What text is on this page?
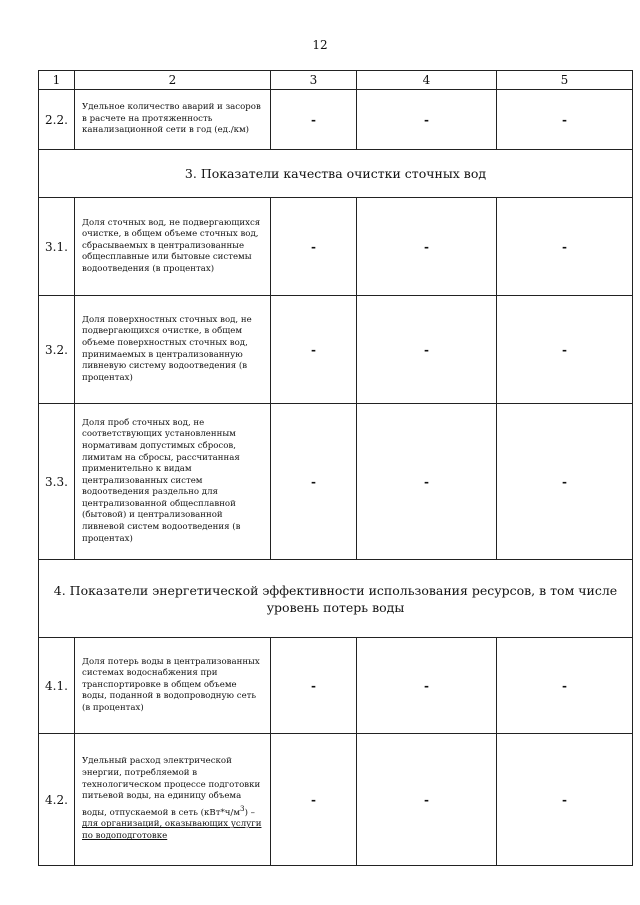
12
1	2	3	4	5
2.2.	Удельное количество аварий и засоров в расчете на протяженность канализационной сети в год (ед./км)	-	-	-
3. Показатели качества очистки сточных вод				
3.1.	Доля сточных вод, не подвергающихся очистке, в общем объеме сточных вод, сбрасываемых в централизованные общесплавные или бытовые системы водоотведения (в процентах)	-	-	-
3.2.	Доля поверхностных сточных вод, не подвергающихся очистке, в общем объеме поверхностных сточных вод, принимаемых в централизованную ливневую систему водоотведения (в процентах)	-	-	-
3.3.	Доля проб сточных вод, не соответствующих установленным нормативам допустимых сбросов, лимитам на сбросы, рассчитанная применительно к видам централизованных систем водоотведения раздельно для централизованной общесплавной (бытовой) и централизованной ливневой систем водоотведения (в процентах)	-	-	-

4. Показатели энергетической эффективности использования ресурсов, в том числе
уровень потерь воды				

4.1.	Доля потерь воды в централизованных системах водоснабжения при транспортировке в общем объеме воды, поданной в водопроводную сеть (в процентах)	-	-	-
4.2.	Удельный расход электрической энергии, потребляемой в технологическом процессе подготовки питьевой воды, на единицу объема воды, отпускаемой в сеть $(кВт*ч/м^3)$ – для организаций, оказывающих услуги по водоподготовке	-	-	-
